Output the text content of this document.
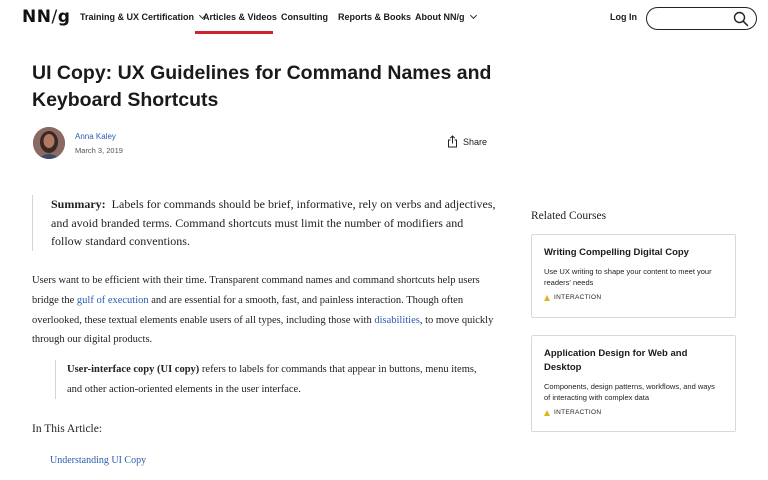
NN/g Training & UX Certification Articles & Videos Consulting Reports & Books About NN/g	Log In
UI Copy: UX Guidelines for Command Names and Keyboard Shortcuts
Anna Kaley
March 3, 2019
Share
Summary: Labels for commands should be brief, informative, rely on verbs and adjectives, and avoid branded terms. Command shortcuts must limit the number of modifiers and follow standard conventions.

Users want to be efficient with their time. Transparent command names and command shortcuts help users bridge the gulf of execution and are essential for a smooth, fast, and painless interaction. Though often overlooked, these textual elements enable users of all types, including those with disabilities, to move quickly through our digital products.

User-interface copy (UI copy) refers to labels for commands that appear in buttons, menu items, and other action-oriented elements in the user interface.
In This Article:
Understanding UI Copy
▔▔▔▔▔▔▔▔
Related Courses
Writing Compelling Digital Copy
Use UX writing to shape your content to meet your readers' needs
INTERACTION
Application Design for Web and Desktop
Components, design patterns, workflows, and ways of interacting with complex data
INTERACTION
